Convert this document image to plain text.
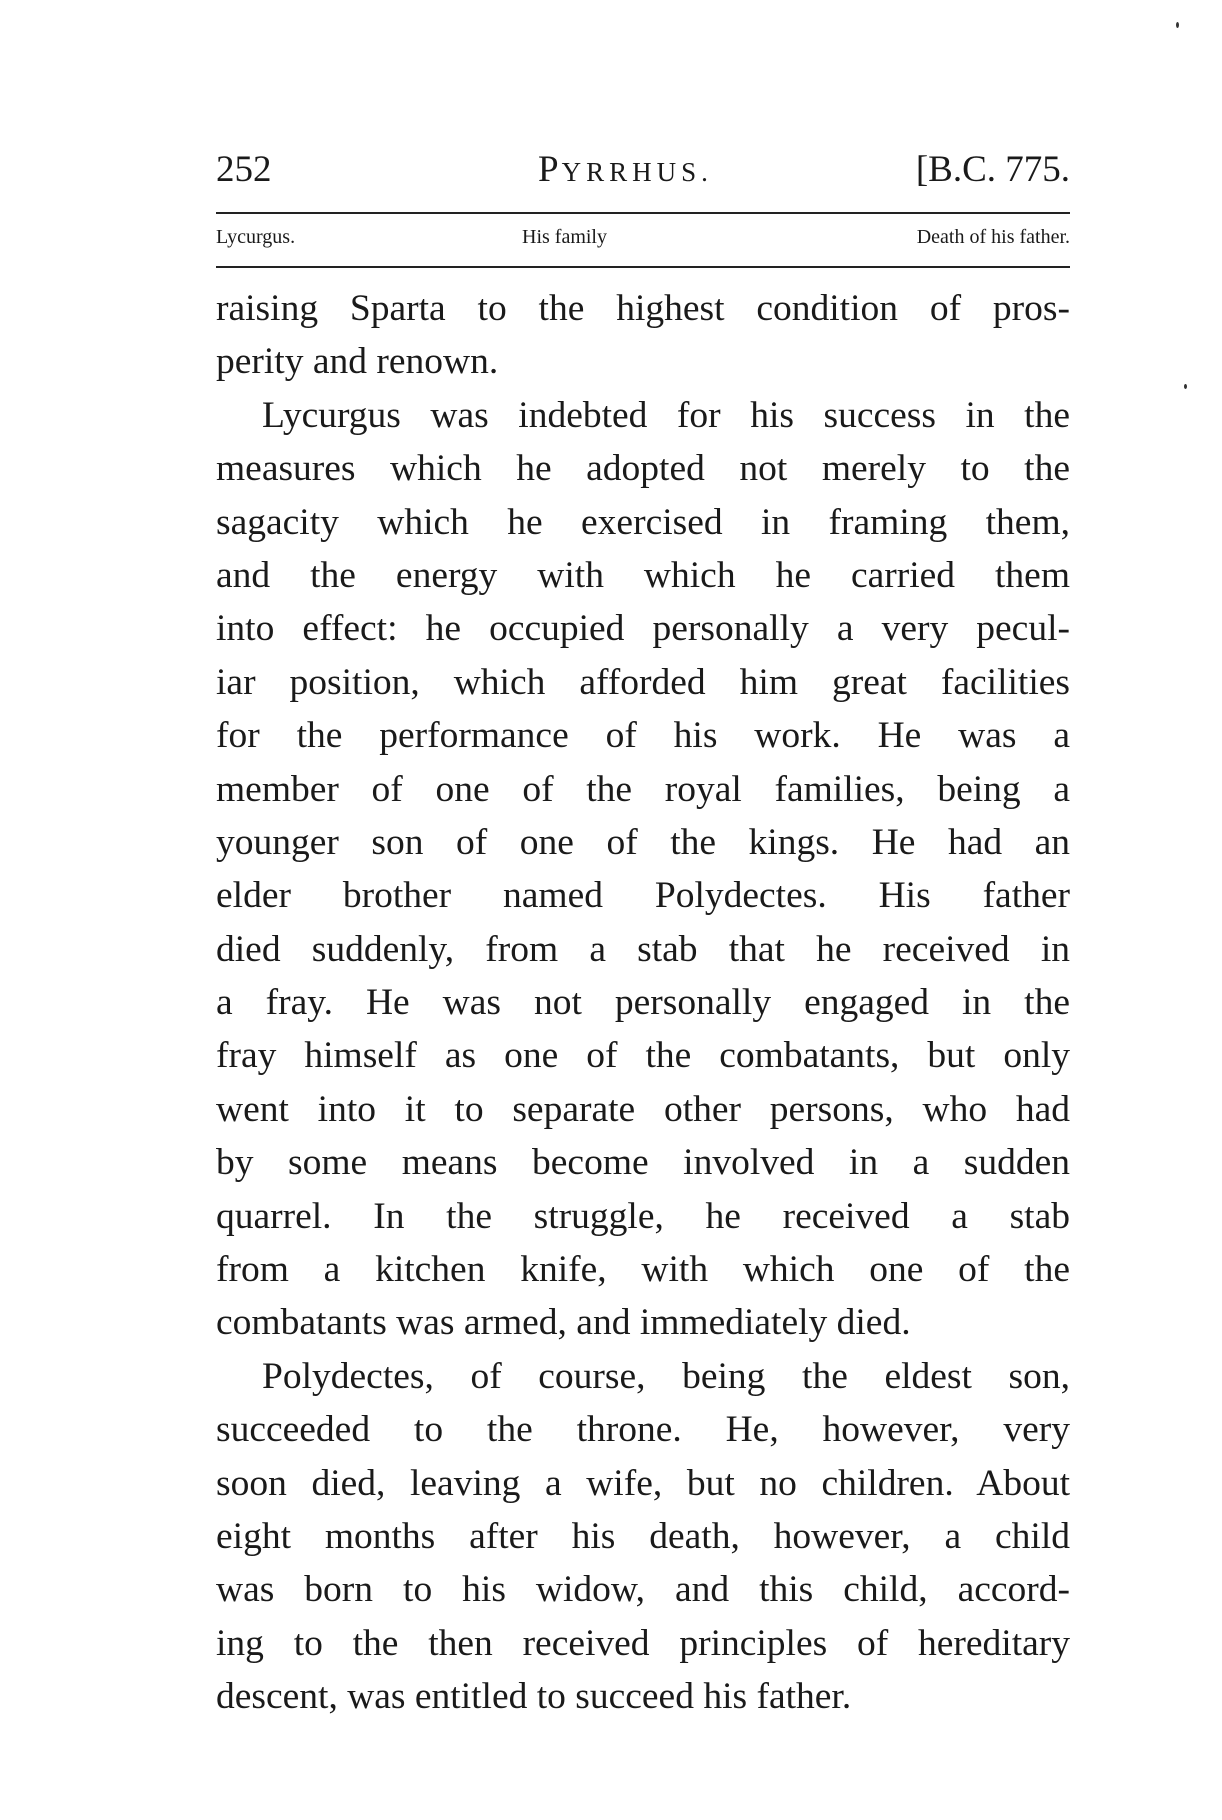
252	PYRRHUS.	[B.C. 775.
Lycurgus.	His family	Death of his father.
raising Sparta to the highest condition of pros-
perity and renown.
Lycurgus was indebted for his success in the
measures which he adopted not merely to the
sagacity which he exercised in framing them,
and the energy with which he carried them
into effect: he occupied personally a very pecul-
iar position, which afforded him great facilities
for the performance of his work. He was a
member of one of the royal families, being a
younger son of one of the kings. He had an
elder brother named Polydectes. His father
died suddenly, from a stab that he received in
a fray. He was not personally engaged in the
fray himself as one of the combatants, but only
went into it to separate other persons, who had
by some means become involved in a sudden
quarrel. In the struggle, he received a stab
from a kitchen knife, with which one of the
combatants was armed, and immediately died.
Polydectes, of course, being the eldest son,
succeeded to the throne. He, however, very
soon died, leaving a wife, but no children. About
eight months after his death, however, a child
was born to his widow, and this child, accord-
ing to the then received principles of hereditary
descent, was entitled to succeed his father.
